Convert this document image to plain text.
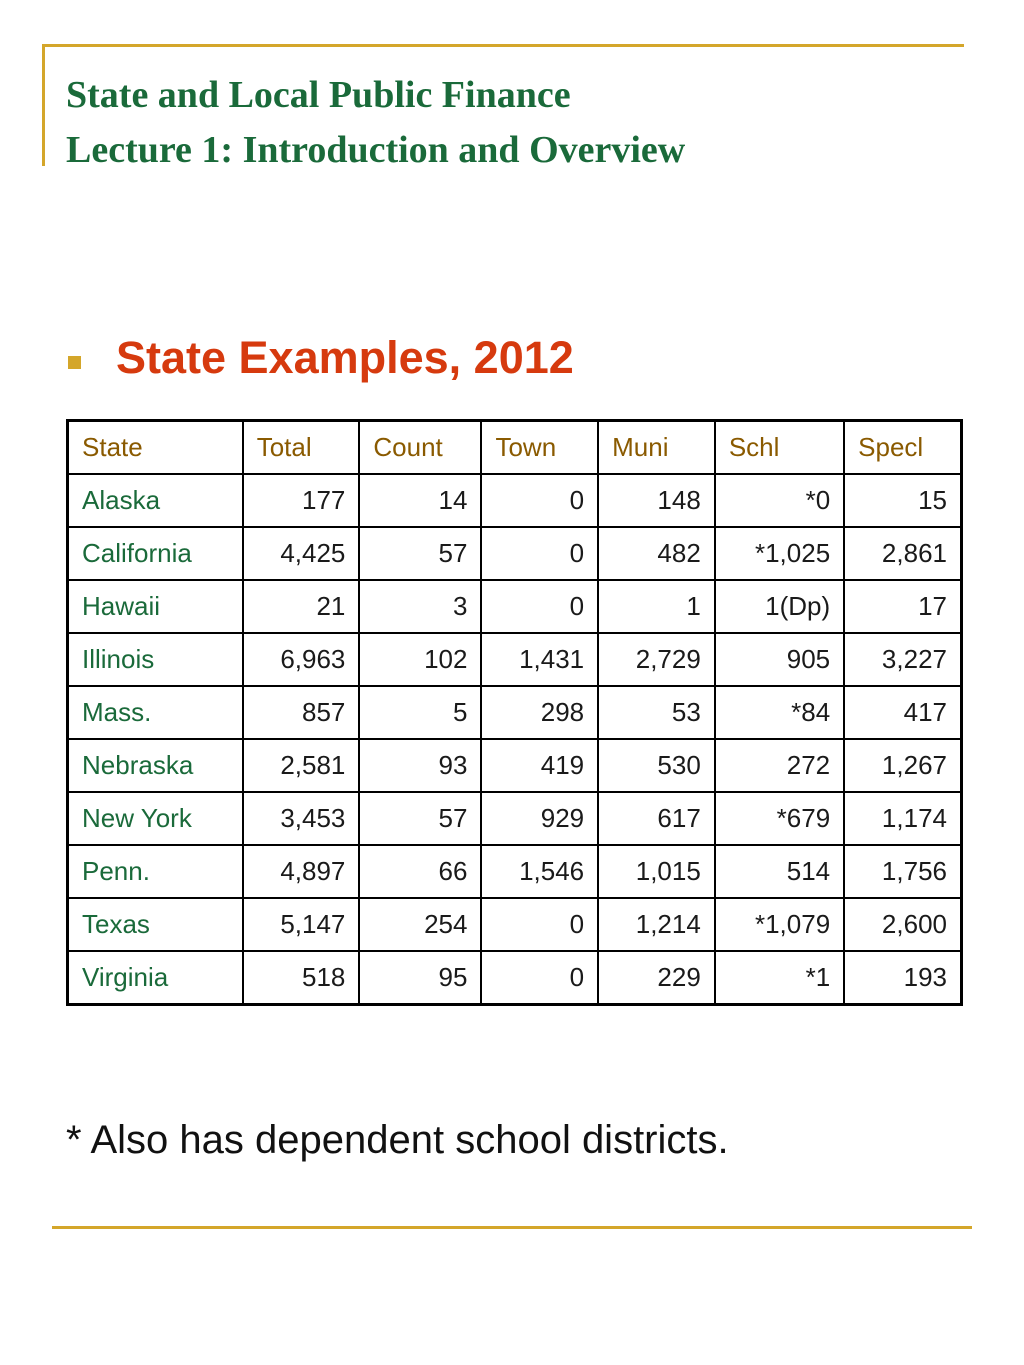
State and Local Public Finance
Lecture 1: Introduction and Overview
State Examples, 2012
State	Total	Count	Town	Muni	Schl	Specl
Alaska	177	14	0	148	*0	15
California	4,425	57	0	482	*1,025	2,861
Hawaii	21	3	0	1	1(Dp)	17
Illinois	6,963	102	1,431	2,729	905	3,227
Mass.	857	5	298	53	*84	417
Nebraska	2,581	93	419	530	272	1,267
New York	3,453	57	929	617	*679	1,174
Penn.	4,897	66	1,546	1,015	514	1,756
Texas	5,147	254	0	1,214	*1,079	2,600
Virginia	518	95	0	229	*1	193
* Also has dependent school districts.
